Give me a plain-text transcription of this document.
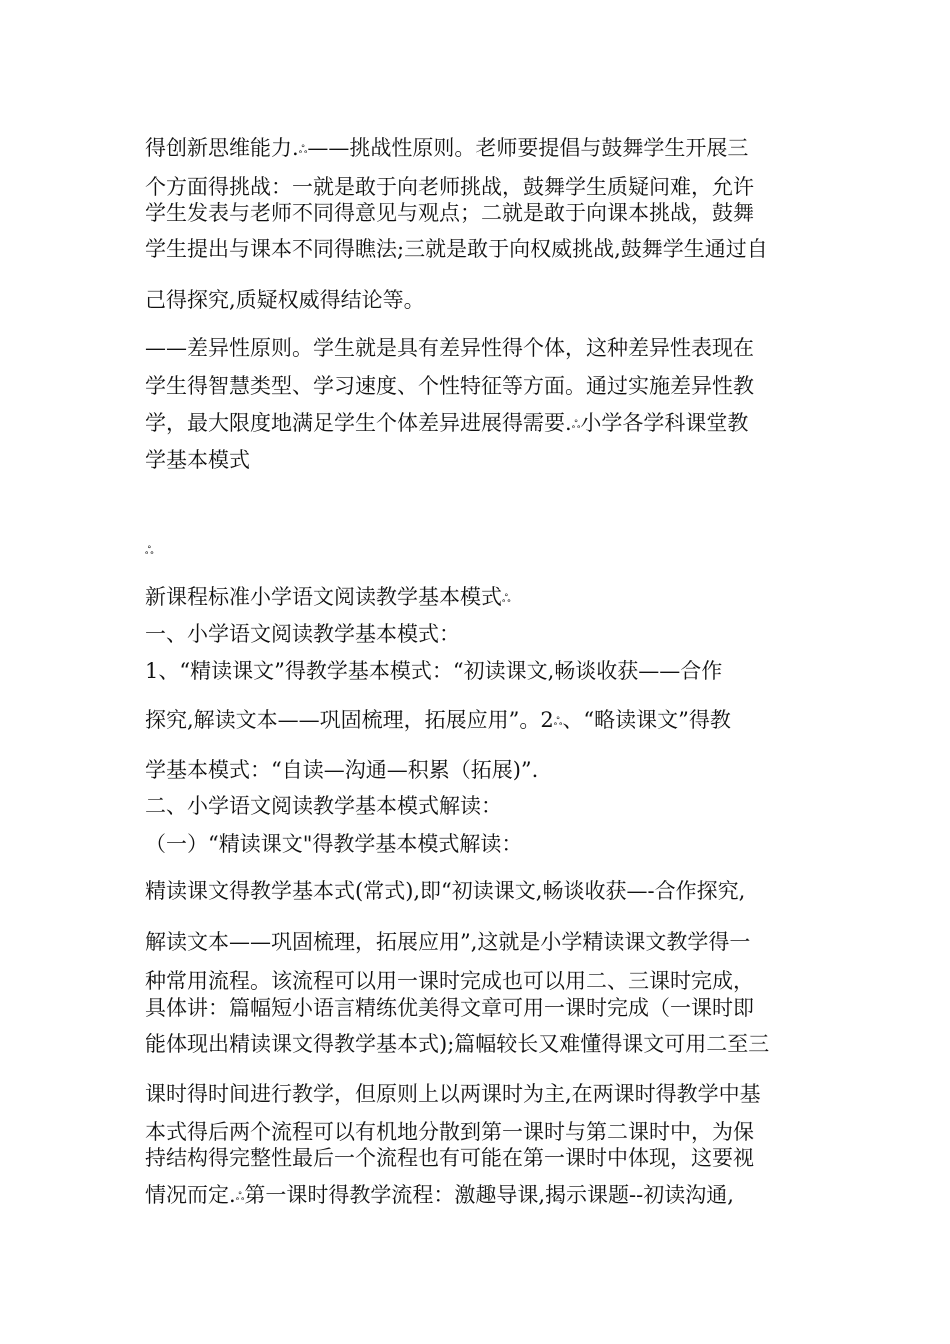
得创新思维能力.ஃ——挑战性原则。老师要提倡与鼓舞学生开展三
个方面得挑战：一就是敢于向老师挑战，鼓舞学生质疑问难，允许
学生发表与老师不同得意见与观点；二就是敢于向课本挑战，鼓舞
学生提出与课本不同得瞧法;三就是敢于向权威挑战,鼓舞学生通过自
己得探究,质疑权威得结论等。
——差异性原则。学生就是具有差异性得个体，这种差异性表现在
学生得智慧类型、学习速度、个性特征等方面。通过实施差异性教
学，最大限度地满足学生个体差异进展得需要.ஃ小学各学科课堂教
学基本模式
ஃ
新课程标准小学语文阅读教学基本模式ஃ
一、小学语文阅读教学基本模式：
1、“精读课文”得教学基本模式：“初读课文,畅谈收获——合作
探究,解读文本——巩固梳理，拓展应用”。2ஃ、“略读课文”得教
学基本模式：“自读—沟通—积累（拓展)”.
二、小学语文阅读教学基本模式解读：
（一）“精读课文"得教学基本模式解读：
精读课文得教学基本式(常式),即“初读课文,畅谈收获—-合作探究,
解读文本——巩固梳理，拓展应用”,这就是小学精读课文教学得一
种常用流程。该流程可以用一课时完成也可以用二、三课时完成，
具体讲：篇幅短小语言精练优美得文章可用一课时完成（一课时即
能体现出精读课文得教学基本式);篇幅较长又难懂得课文可用二至三
课时得时间进行教学，但原则上以两课时为主,在两课时得教学中基
本式得后两个流程可以有机地分散到第一课时与第二课时中，为保
持结构得完整性最后一个流程也有可能在第一课时中体现，这要视
情况而定.ஃ第一课时得教学流程：激趣导课,揭示课题--初读沟通,
